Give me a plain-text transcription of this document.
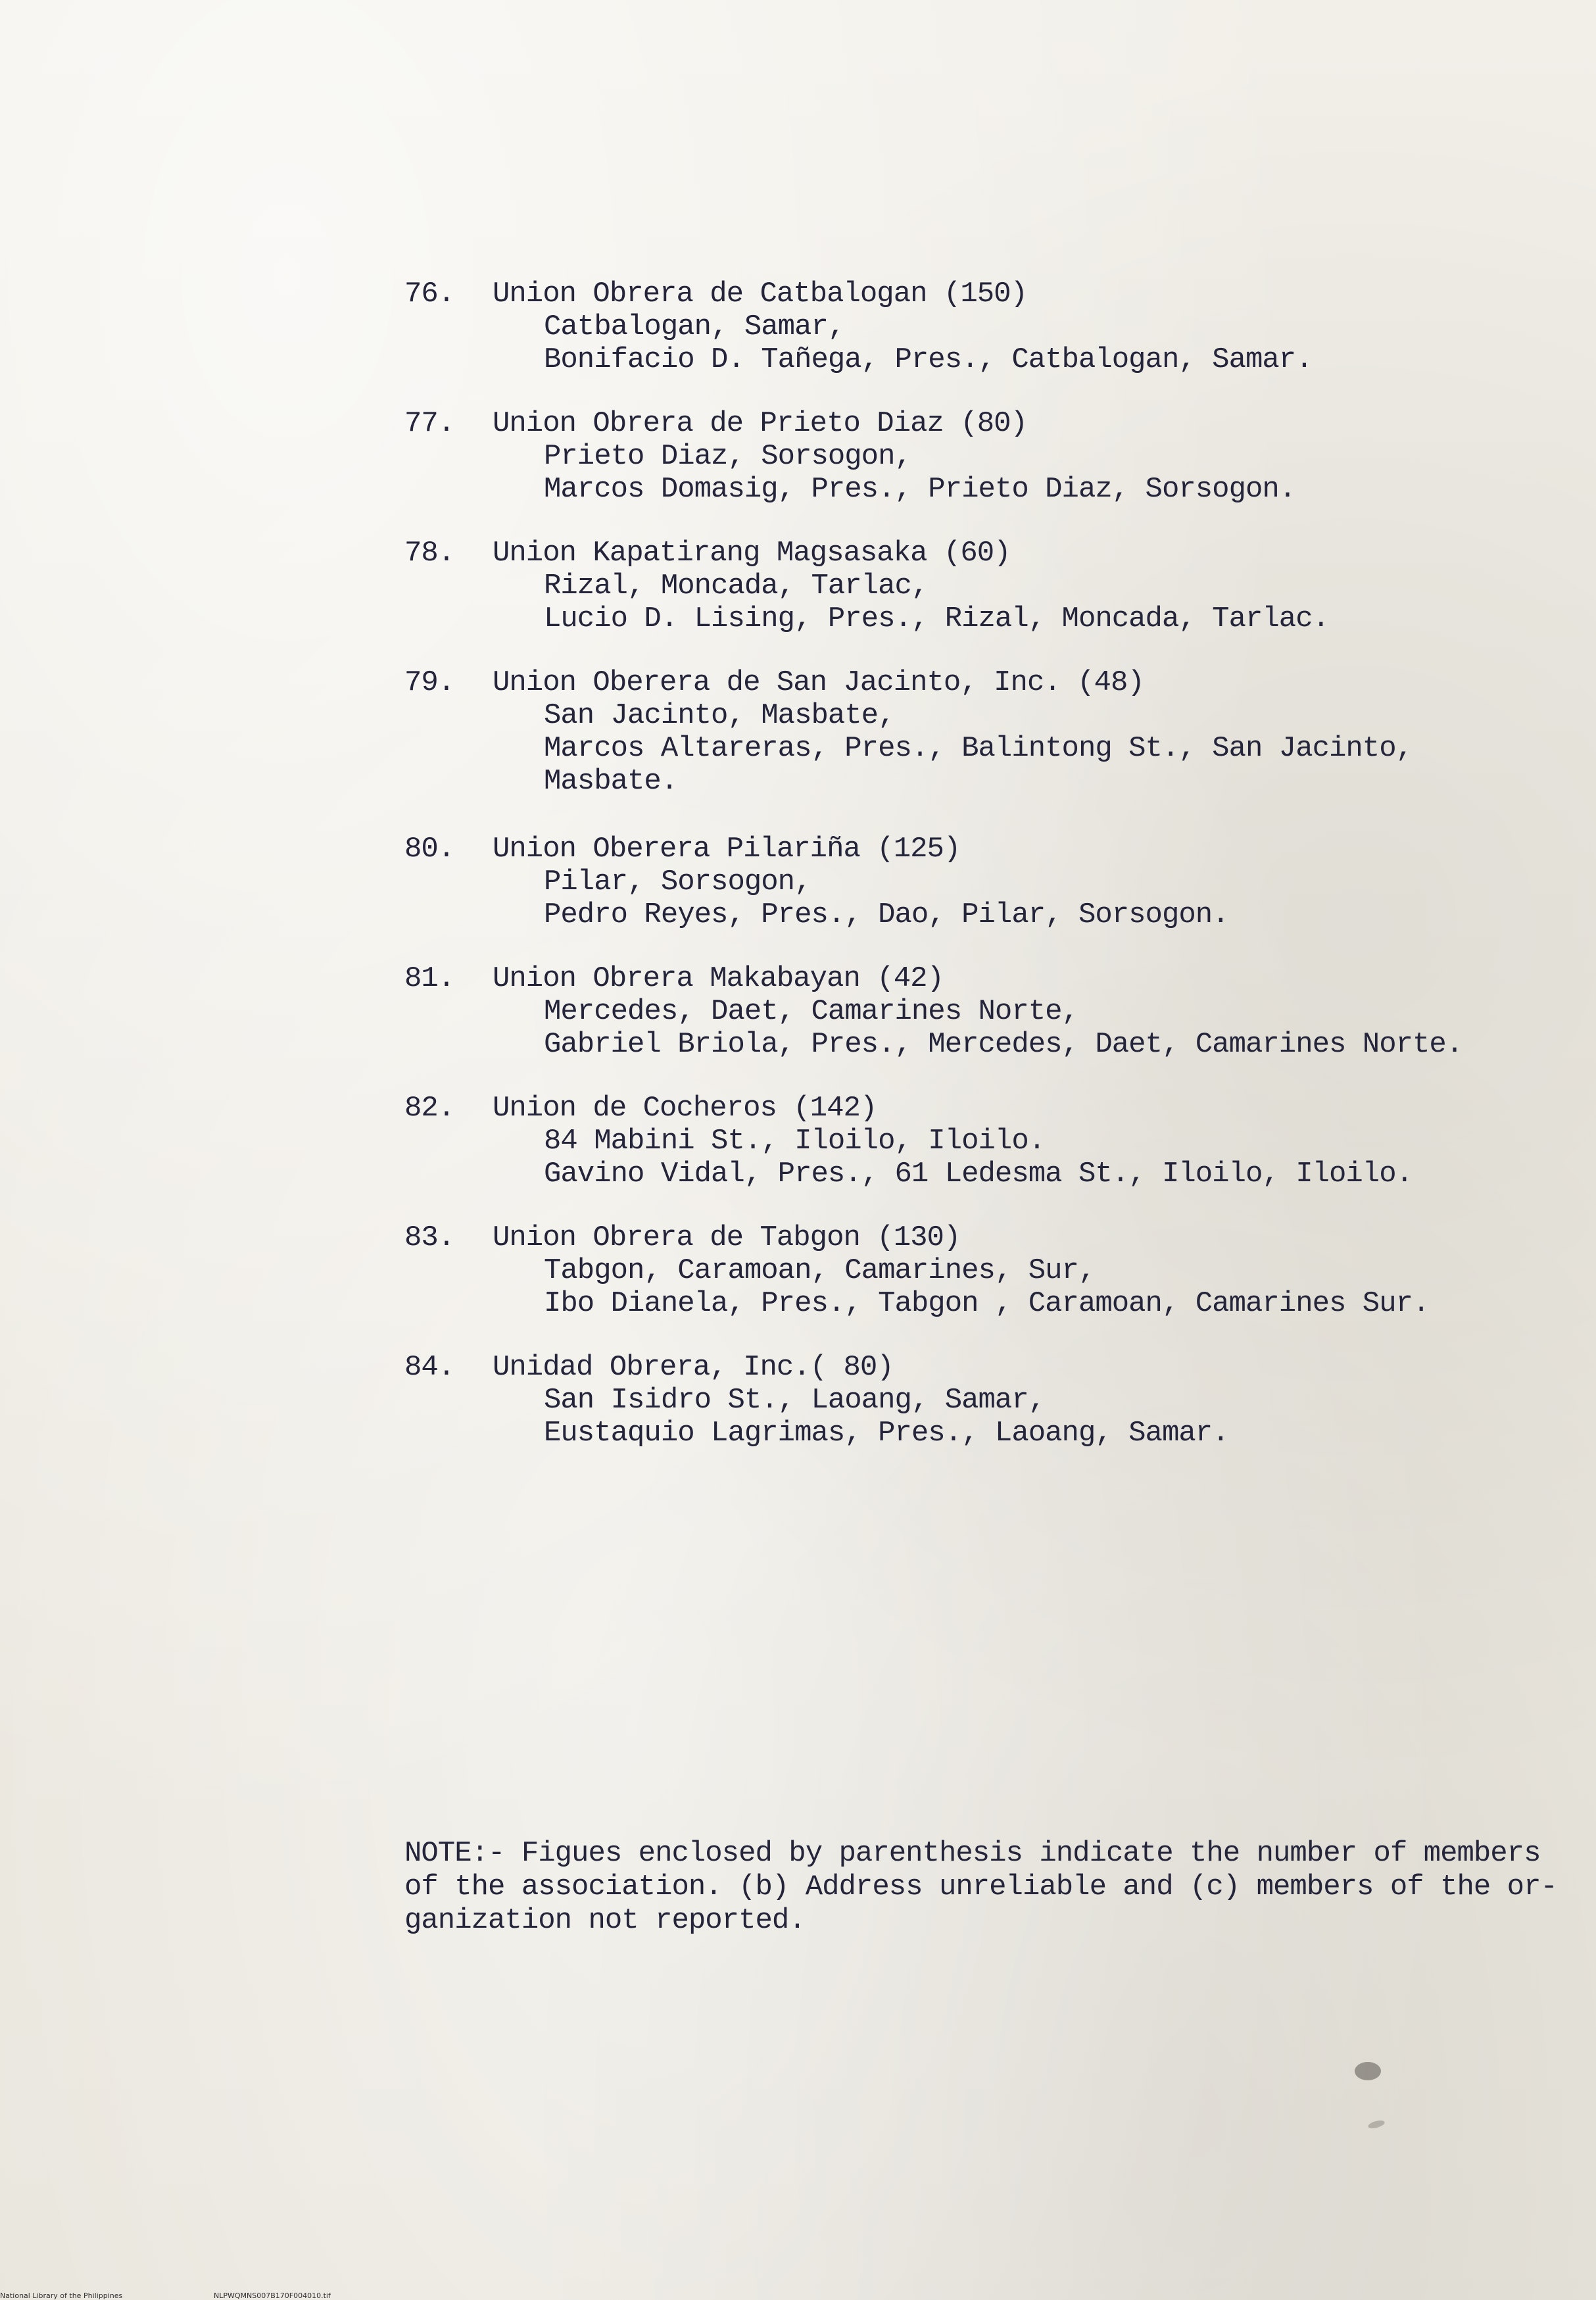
76. Union Obrera de Catbalogan (150)
Catbalogan, Samar,
Bonifacio D. Tañega, Pres., Catbalogan, Samar.
77. Union Obrera de Prieto Diaz (80)
Prieto Diaz, Sorsogon,
Marcos Domasig, Pres., Prieto Diaz, Sorsogon.
78. Union Kapatirang Magsasaka (60)
Rizal, Moncada, Tarlac,
Lucio D. Lising, Pres., Rizal, Moncada, Tarlac.
79. Union Oberera de San Jacinto, Inc. (48)
San Jacinto, Masbate,
Marcos Altareras, Pres., Balintong St., San Jacinto,
Masbate.
80. Union Oberera Pilariña (125)
Pilar, Sorsogon,
Pedro Reyes, Pres., Dao, Pilar, Sorsogon.
81. Union Obrera Makabayan (42)
Mercedes, Daet, Camarines Norte,
Gabriel Briola, Pres., Mercedes, Daet, Camarines Norte.
82. Union de Cocheros (142)
84 Mabini St., Iloilo, Iloilo.
Gavino Vidal, Pres., 61 Ledesma St., Iloilo, Iloilo.
83. Union Obrera de Tabgon (130)
Tabgon, Caramoan, Camarines, Sur,
Ibo Dianela, Pres., Tabgon , Caramoan, Camarines Sur.
84. Unidad Obrera, Inc.( 80)
San Isidro St., Laoang, Samar,
Eustaquio Lagrimas, Pres., Laoang, Samar.
NOTE:- Figues enclosed by parenthesis indicate the number of members
of the association. (b) Address unreliable and (c) members of the or-
ganization not reported.
National Library of the Philippines	NLPWQMNS007B170F004010.tif
